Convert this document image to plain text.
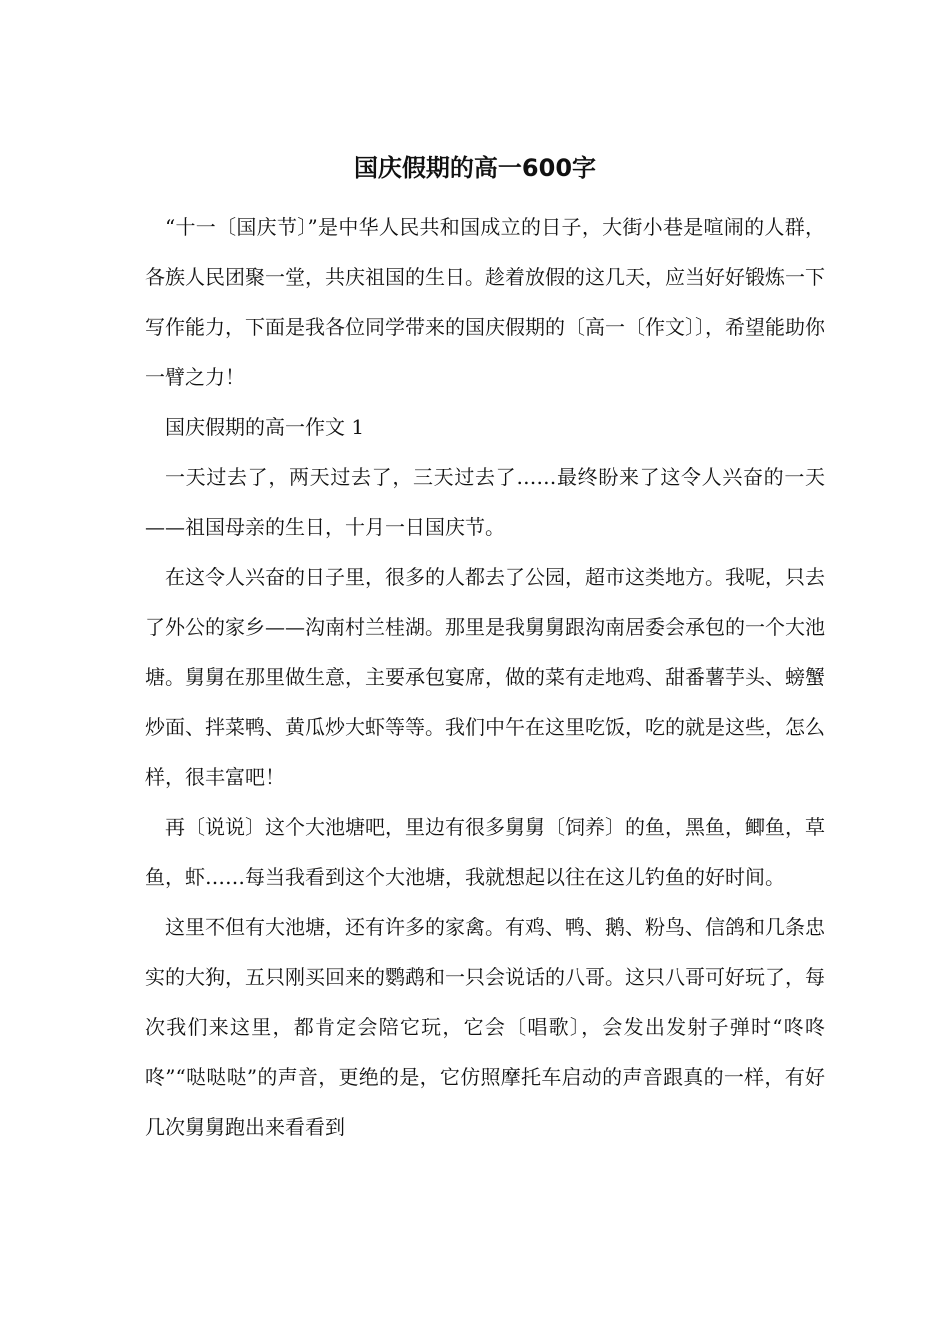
国庆假期的高一600字

“十一〔国庆节〕”是中华人民共和国成立的日子，大街小巷是喧闹的人群，各族人民团聚一堂，共庆祖国的生日。趁着放假的这几天，应当好好锻炼一下写作能力，下面是我各位同学带来的国庆假期的〔高一〔作文〕〕，希望能助你一臂之力！

国庆假期的高一作文 1

一天过去了，两天过去了，三天过去了……最终盼来了这令人兴奋的一天——祖国母亲的生日，十月一日国庆节。

在这令人兴奋的日子里，很多的人都去了公园，超市这类地方。我呢，只去了外公的家乡——沟南村兰桂湖。那里是我舅舅跟沟南居委会承包的一个大池塘。舅舅在那里做生意，主要承包宴席，做的菜有走地鸡、甜番薯芋头、螃蟹炒面、拌菜鸭、黄瓜炒大虾等等。我们中午在这里吃饭，吃的就是这些，怎么样，很丰富吧！

再〔说说〕这个大池塘吧，里边有很多舅舅〔饲养〕的鱼，黑鱼，鲫鱼，草鱼，虾……每当我看到这个大池塘，我就想起以往在这儿钓鱼的好时间。

这里不但有大池塘，还有许多的家禽。有鸡、鸭、鹅、粉鸟、信鸽和几条忠实的大狗，五只刚买回来的鹦鹉和一只会说话的八哥。这只八哥可好玩了，每次我们来这里，都肯定会陪它玩，它会〔唱歌〕，会发出发射子弹时“咚咚咚”“哒哒哒”的声音，更绝的是，它仿照摩托车启动的声音跟真的一样，有好几次舅舅跑出来看看到
